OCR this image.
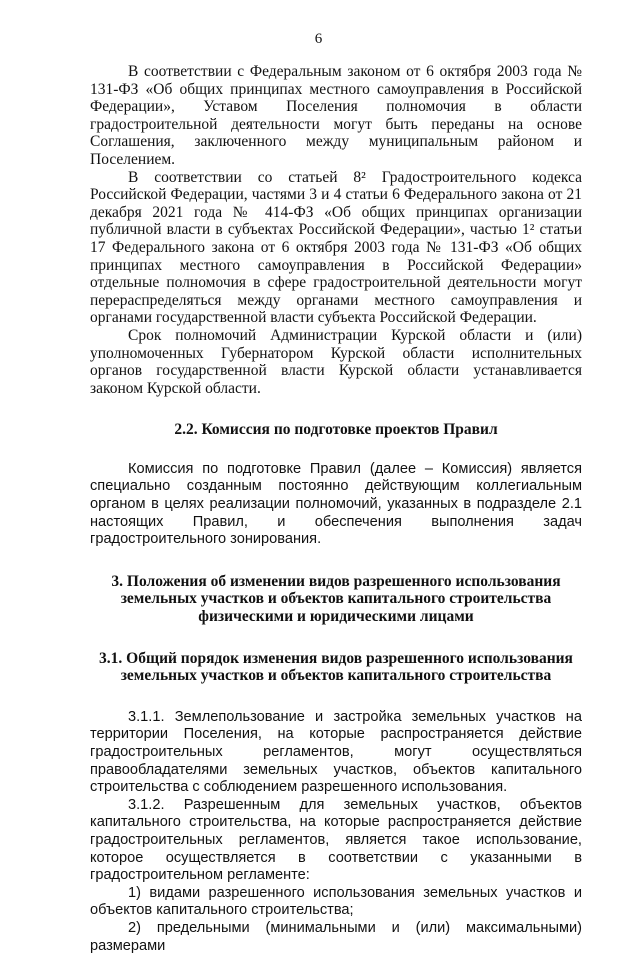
6

В соответствии с Федеральным законом от 6 октября 2003 года № 131-ФЗ «Об общих принципах местного самоуправления в Российской Федерации», Уставом Поселения полномочия в области градостроительной деятельности могут быть переданы на основе Соглашения, заключенного между муниципальным районом и Поселением.

В соответствии со статьей 8² Градостроительного кодекса Российской Федерации, частями 3 и 4 статьи 6 Федерального закона от 21 декабря 2021 года № 414-ФЗ «Об общих принципах организации публичной власти в субъектах Российской Федерации», частью 1² статьи 17 Федерального закона от 6 октября 2003 года № 131-ФЗ «Об общих принципах местного самоуправления в Российской Федерации» отдельные полномочия в сфере градостроительной деятельности могут перераспределяться между органами местного самоуправления и органами государственной власти субъекта Российской Федерации.

Срок полномочий Администрации Курской области и (или) уполномоченных Губернатором Курской области исполнительных органов государственной власти Курской области устанавливается законом Курской области.

2.2. Комиссия по подготовке проектов Правил

Комиссия по подготовке Правил (далее – Комиссия) является специально созданным постоянно действующим коллегиальным органом в целях реализации полномочий, указанных в подразделе 2.1 настоящих Правил, и обеспечения выполнения задач градостроительного зонирования.

3. Положения об изменении видов разрешенного использования
земельных участков и объектов капитального строительства
физическими и юридическими лицами
3.1. Общий порядок изменения видов разрешенного использования
земельных участков и объектов капитального строительства

3.1.1. Землепользование и застройка земельных участков на территории Поселения, на которые распространяется действие градостроительных регламентов, могут осуществляться правообладателями земельных участков, объектов капитального строительства с соблюдением разрешенного использования.

3.1.2. Разрешенным для земельных участков, объектов капитального строительства, на которые распространяется действие градостроительных регламентов, является такое использование, которое осуществляется в соответствии с указанными в градостроительном регламенте:

1) видами разрешенного использования земельных участков и объектов капитального строительства;

2) предельными (минимальными и (или) максимальными) размерами
